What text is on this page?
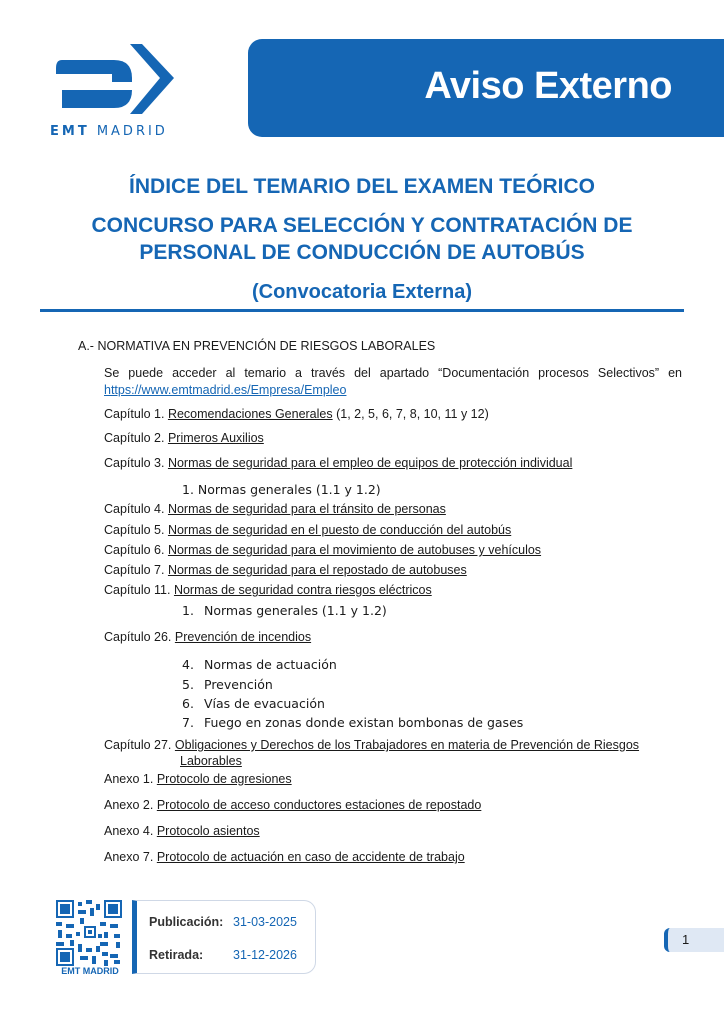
EMT MADRID
Aviso Externo
ÍNDICE DEL TEMARIO DEL EXAMEN TEÓRICO
CONCURSO PARA SELECCIÓN Y CONTRATACIÓN DE
PERSONAL DE CONDUCCIÓN DE AUTOBÚS
(Convocatoria Externa)
A.- NORMATIVA EN PREVENCIÓN DE RIESGOS LABORALES
Se puede acceder al temario a través del apartado “Documentación procesos Selectivos” en https://www.emtmadrid.es/Empresa/Empleo
Capítulo 1. Recomendaciones Generales (1, 2, 5, 6, 7, 8, 10, 11 y 12)
Capítulo 2. Primeros Auxilios
Capítulo 3. Normas de seguridad para el empleo de equipos de protección individual
1. Normas generales (1.1 y 1.2)
Capítulo 4. Normas de seguridad para el tránsito de personas
Capítulo 5. Normas de seguridad en el puesto de conducción del autobús
Capítulo 6. Normas de seguridad para el movimiento de autobuses y vehículos
Capítulo 7. Normas de seguridad para el repostado de autobuses
Capítulo 11. Normas de seguridad contra riesgos eléctricos
1. Normas generales (1.1 y 1.2)
Capítulo 26. Prevención de incendios
4. Normas de actuación
5. Prevención
6. Vías de evacuación
7. Fuego en zonas donde existan bombonas de gases
Capítulo 27. Obligaciones y Derechos de los Trabajadores en materia de Prevención de Riesgos
Laborables
Anexo 1. Protocolo de agresiones
Anexo 2. Protocolo de acceso conductores estaciones de repostado
Anexo 4. Protocolo asientos
Anexo 7. Protocolo de actuación en caso de accidente de trabajo
EMT MADRID
Publicación: 31-03-2025
Retirada: 31-12-2026
1
